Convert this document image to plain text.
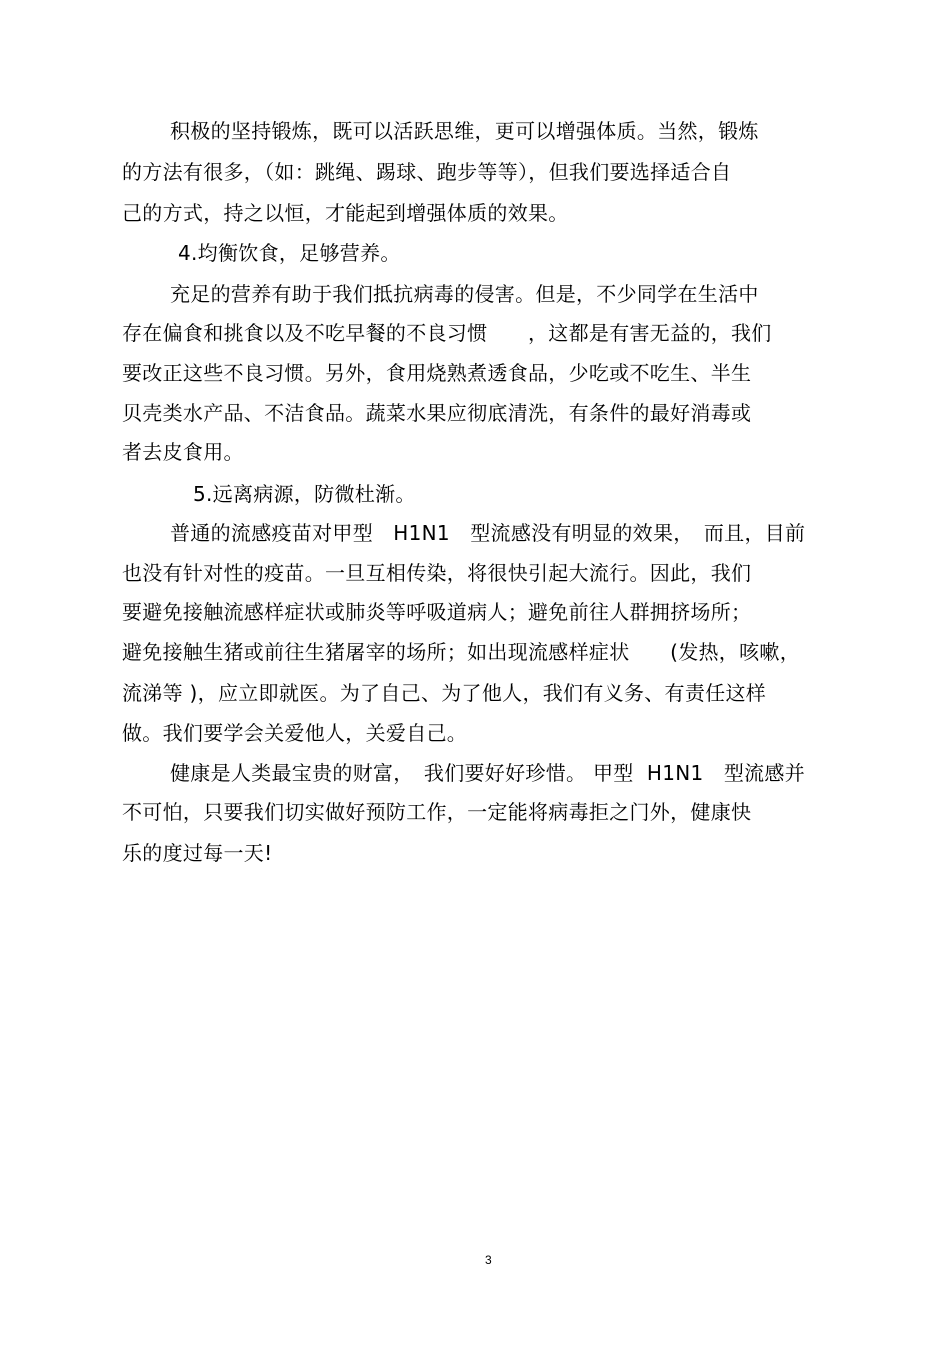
积极的坚持锻炼，既可以活跃思维，更可以增强体质。当然，锻炼
的方法有很多，（如：跳绳、踢球、跑步等等），但我们要选择适合自
己的方式，持之以恒，才能起到增强体质的效果。
4.均衡饮食，足够营养。
充足的营养有助于我们抵抗病毒的侵害。但是，不少同学在生活中
存在偏食和挑食以及不吃早餐的不良习惯　　，这都是有害无益的，我们
要改正这些不良习惯。另外，食用烧熟煮透食品，少吃或不吃生、半生
贝壳类水产品、不洁食品。蔬菜水果应彻底清洗，有条件的最好消毒或
者去皮食用。
5.远离病源，防微杜渐。
普通的流感疫苗对甲型　H1N1　型流感没有明显的效果，　而且，目前
也没有针对性的疫苗。一旦互相传染，将很快引起大流行。因此，我们
要避免接触流感样症状或肺炎等呼吸道病人；避免前往人群拥挤场所；
避免接触生猪或前往生猪屠宰的场所；如出现流感样症状　　(发热，咳嗽，
流涕等 )，应立即就医。为了自己、为了他人，我们有义务、有责任这样
做。我们要学会关爱他人，关爱自己。
健康是人类最宝贵的财富，　我们要好好珍惜。 甲型  H1N1　型流感并
不可怕，只要我们切实做好预防工作，一定能将病毒拒之门外，健康快
乐的度过每一天!
3
